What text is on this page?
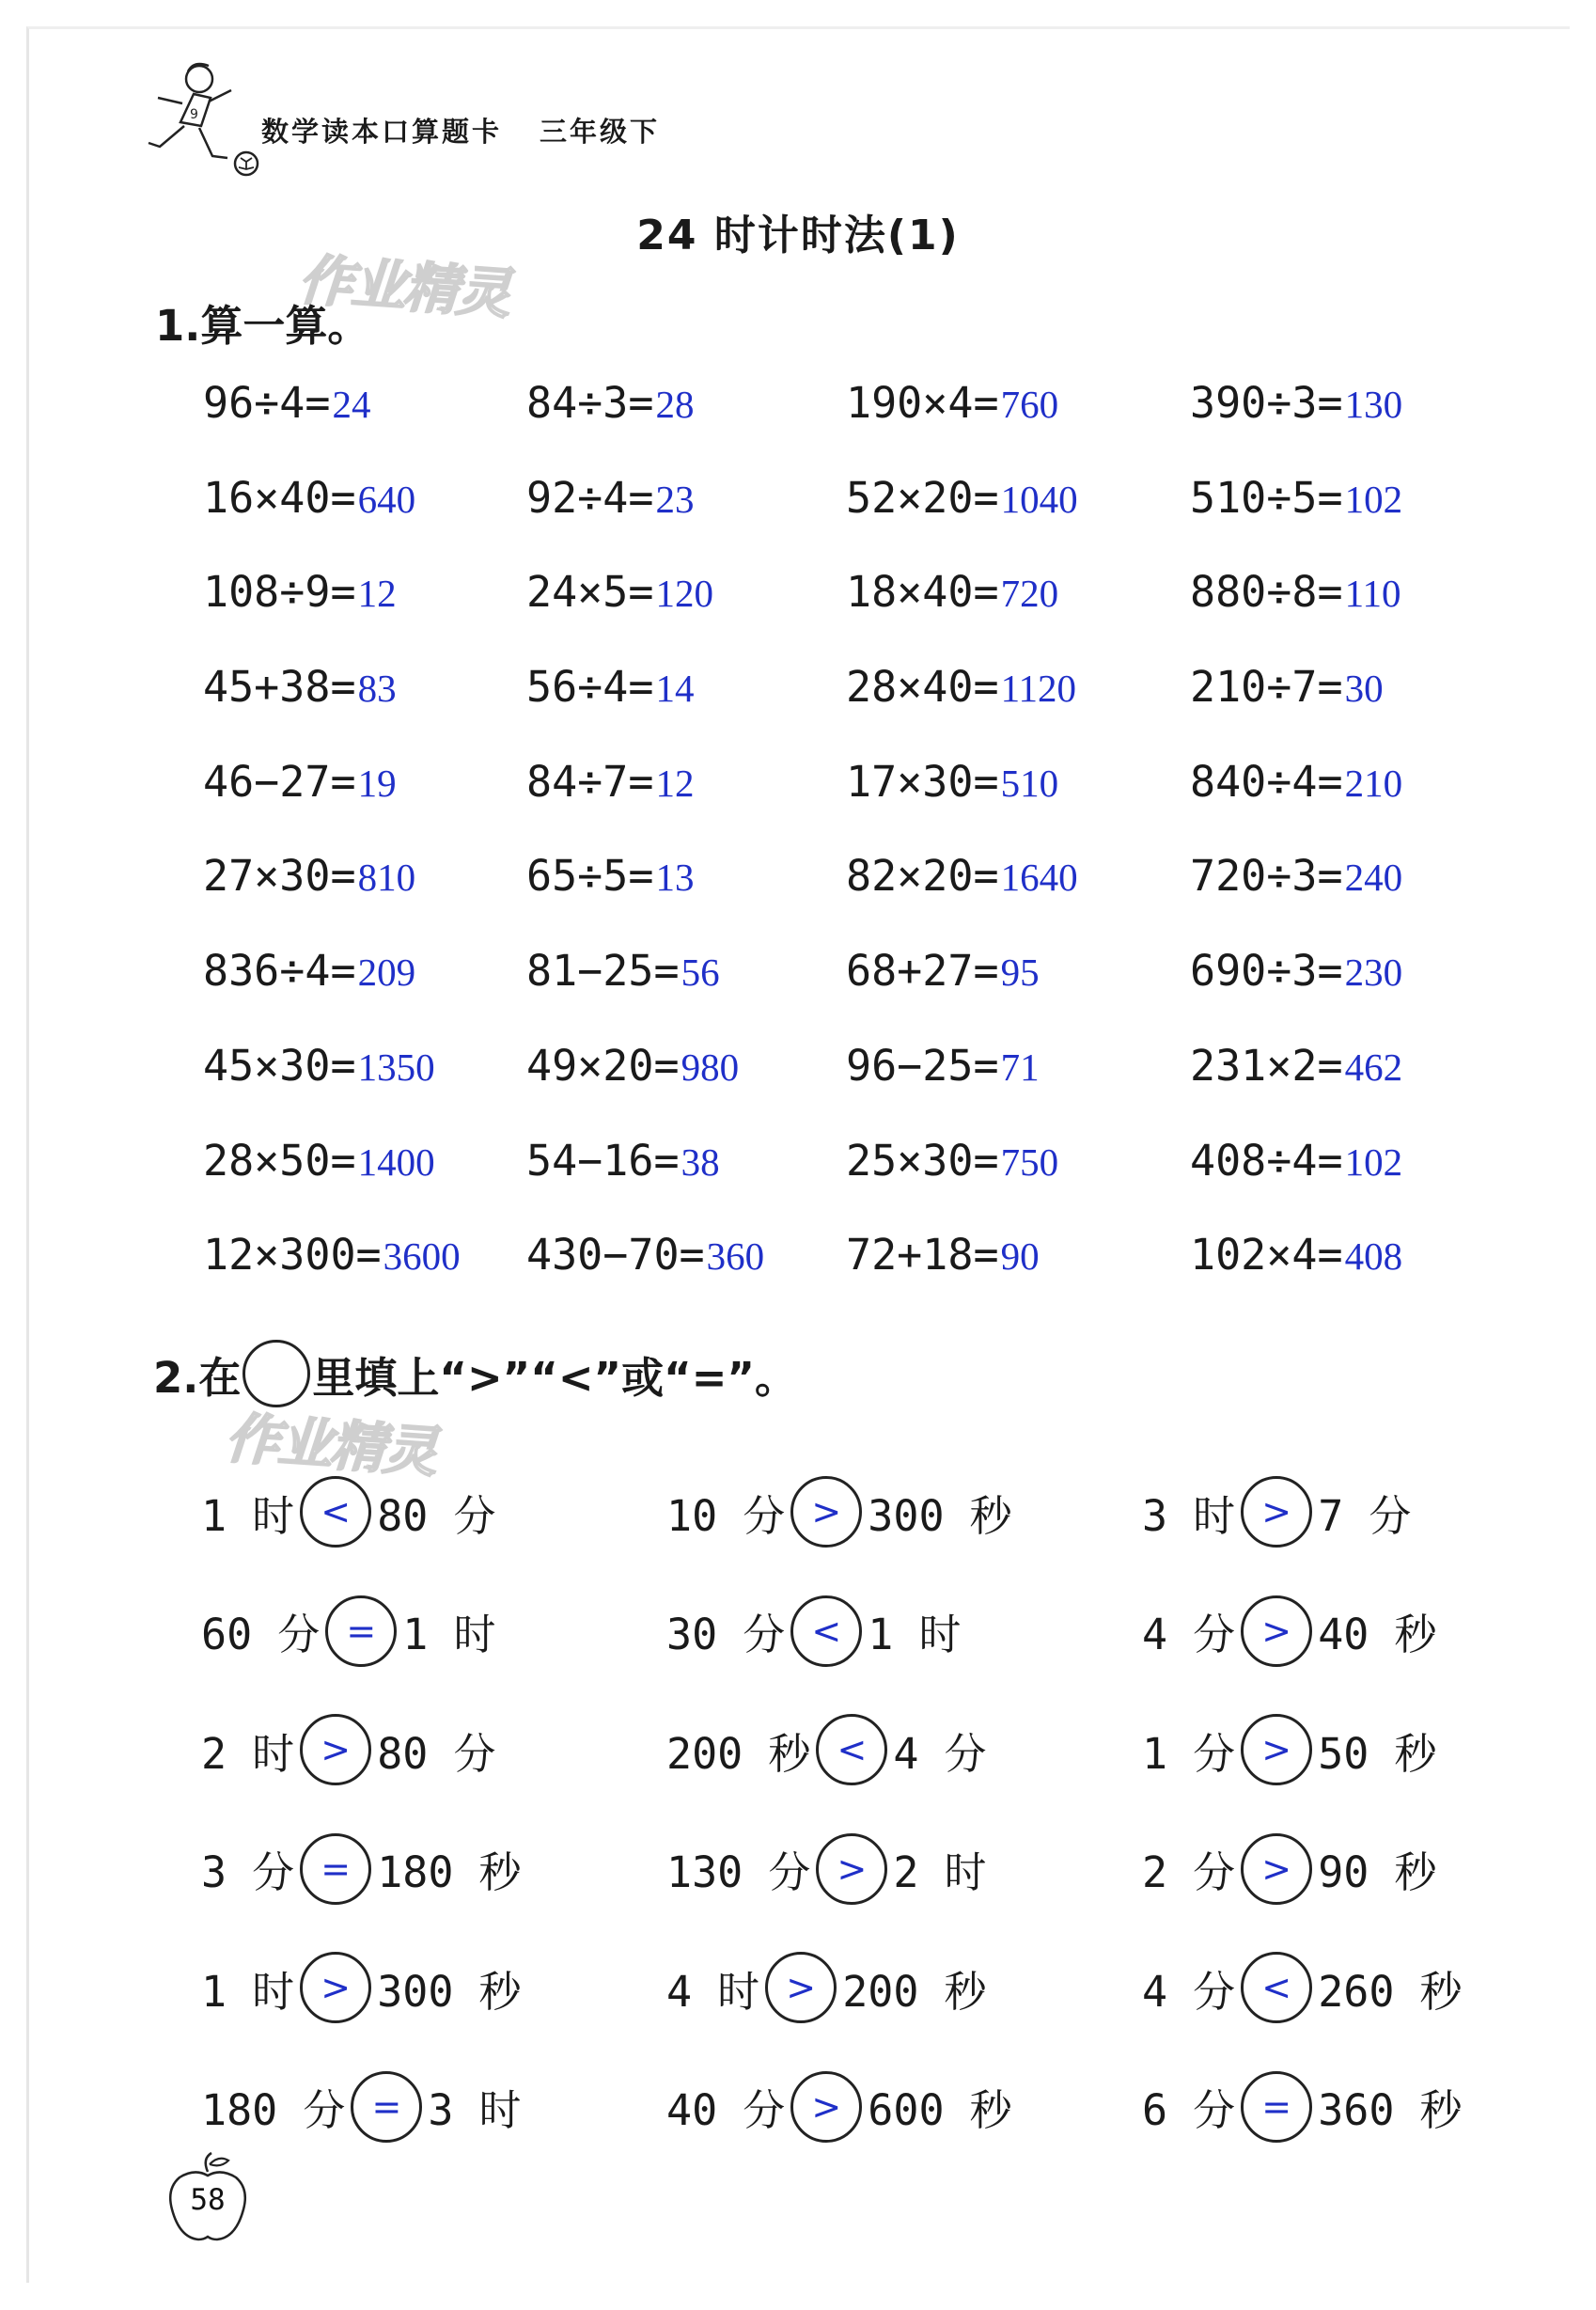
9
数学读本口算题卡 三年级下
24 时计时法(1)
作业精灵
作业精灵
1.算一算。
96÷4= 24	84÷3= 28	190×4= 760	390÷3= 130
16×40= 640	92÷4= 23	52×20= 1040	510÷5= 102
108÷9= 12	24×5= 120	18×40= 720	880÷8= 110
45+38= 83	56÷4= 14	28×40= 1120	210÷7= 30
46−27= 19	84÷7= 12	17×30= 510	840÷4= 210
27×30= 810	65÷5= 13	82×20= 1640	720÷3= 240
836÷4= 209	81−25= 56	68+27= 95	690÷3= 230
45×30= 1350 49×20= 980	96−25= 71	231×2= 462
28×50= 1400 54−16= 38	25×30= 750	408÷4= 102
12×300= 3600 430−70= 360 72+18= 90	102×4= 408
2.在 里填上“>”“<”或“=”。
1 时 < 80 分	10 分 > 300 秒	3 时 > 7 分
60 分 = 1 时	30 分 < 1 时	4 分 > 40 秒
2 时 > 80 分	200 秒 < 4 分	1 分 > 50 秒
3 分 = 180 秒	130 分 > 2 时	2 分 > 90 秒
1 时 > 300 秒	4 时 > 200 秒	4 分 < 260 秒
180 分 = 3 时	40 分 > 600 秒	6 分 = 360 秒
58
